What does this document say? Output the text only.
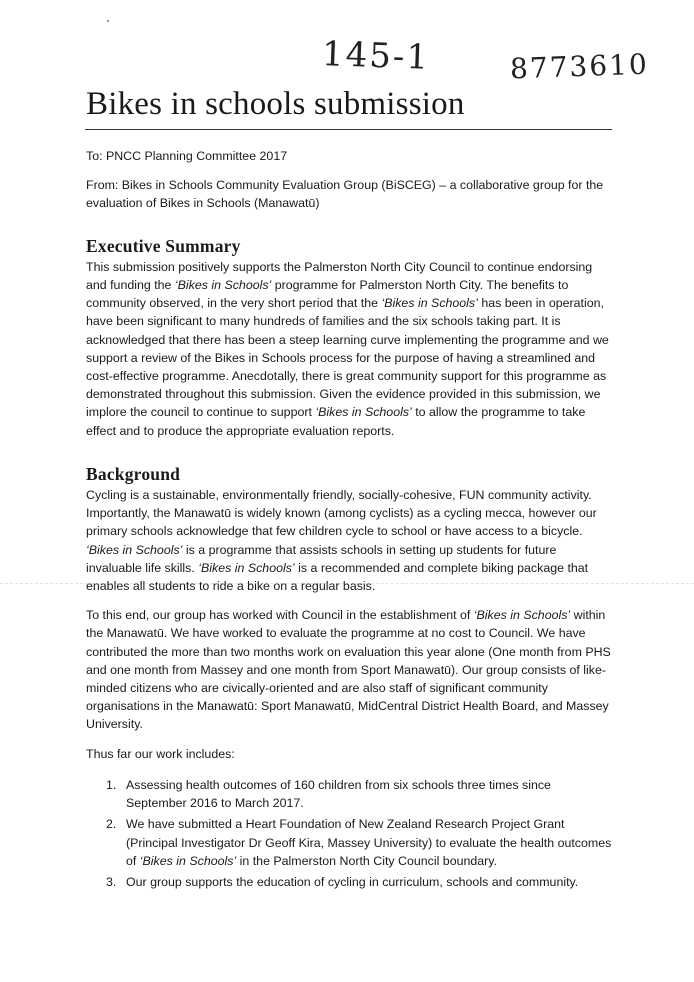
145-1	8773610
Bikes in schools submission

To: PNCC Planning Committee 2017

From: Bikes in Schools Community Evaluation Group (BiSCEG) – a collaborative group for the evaluation of Bikes in Schools (Manawatū)

Executive Summary

This submission positively supports the Palmerston North City Council to continue endorsing and funding the ‘Bikes in Schools’ programme for Palmerston North City. The benefits to community observed, in the very short period that the ‘Bikes in Schools’ has been in operation, have been significant to many hundreds of families and the six schools taking part. It is acknowledged that there has been a steep learning curve implementing the programme and we support a review of the Bikes in Schools process for the purpose of having a streamlined and cost-effective programme. Anecdotally, there is great community support for this programme as demonstrated throughout this submission. Given the evidence provided in this submission, we implore the council to continue to support ‘Bikes in Schools’ to allow the programme to take effect and to produce the appropriate evaluation reports.

Background

Cycling is a sustainable, environmentally friendly, socially-cohesive, FUN community activity. Importantly, the Manawatū is widely known (among cyclists) as a cycling mecca, however our primary schools acknowledge that few children cycle to school or have access to a bicycle. ‘Bikes in Schools’ is a programme that assists schools in setting up students for future invaluable life skills. ‘Bikes in Schools’ is a recommended and complete biking package that enables all students to ride a bike on a regular basis.

To this end, our group has worked with Council in the establishment of ‘Bikes in Schools’ within the Manawatū. We have worked to evaluate the programme at no cost to Council. We have contributed the more than two months work on evaluation this year alone (One month from PHS and one month from Massey and one month from Sport Manawatū). Our group consists of like-minded citizens who are civically-oriented and are also staff of significant community organisations in the Manawatū: Sport Manawatū, MidCentral District Health Board, and Massey University.

Thus far our work includes:

1. Assessing health outcomes of 160 children from six schools three times since September 2016 to March 2017.
2. We have submitted a Heart Foundation of New Zealand Research Project Grant (Principal Investigator Dr Geoff Kira, Massey University) to evaluate the health outcomes of ‘Bikes in Schools’ in the Palmerston North City Council boundary.
3. Our group supports the education of cycling in curriculum, schools and community.
